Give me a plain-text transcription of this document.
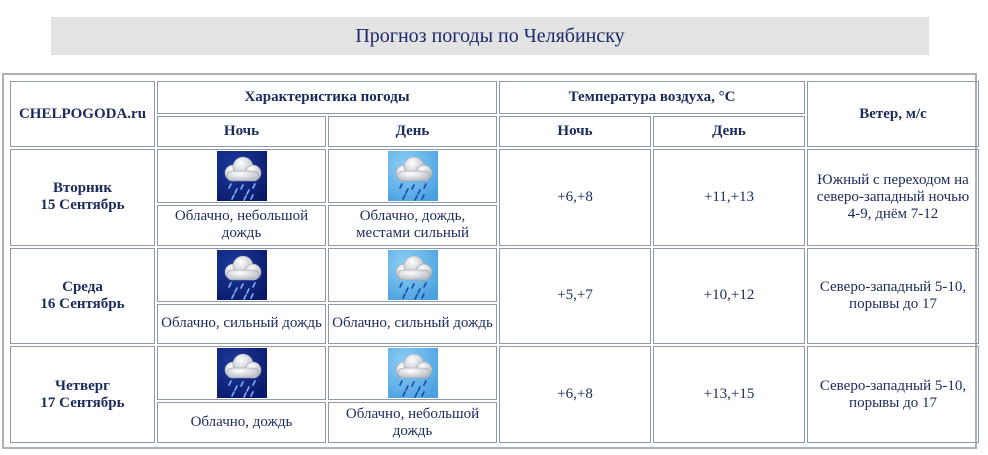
Прогноз погоды по Челябинску
CHELPOGODA.ru	Характеристика погоды		Температура воздуха, °C		Ветер, м/с
	Ночь	День	Ночь	День	

Вторник
15 Сентябрь			+6,+8	+11,+13	Южный с переходом на северо-западный ночью 4-9, днём 7-12
	Облачно, небольшой дождь	Облачно, дождь, местами сильный			

Среда
16 Сентябрь			+5,+7	+10,+12	Северо-западный 5-10, порывы до 17
	Облачно, сильный дождь	Облачно, сильный дождь			

Четверг
17 Сентябрь			+6,+8	+13,+15	Северо-западный 5-10, порывы до 17
	Облачно, дождь	Облачно, небольшой дождь			
